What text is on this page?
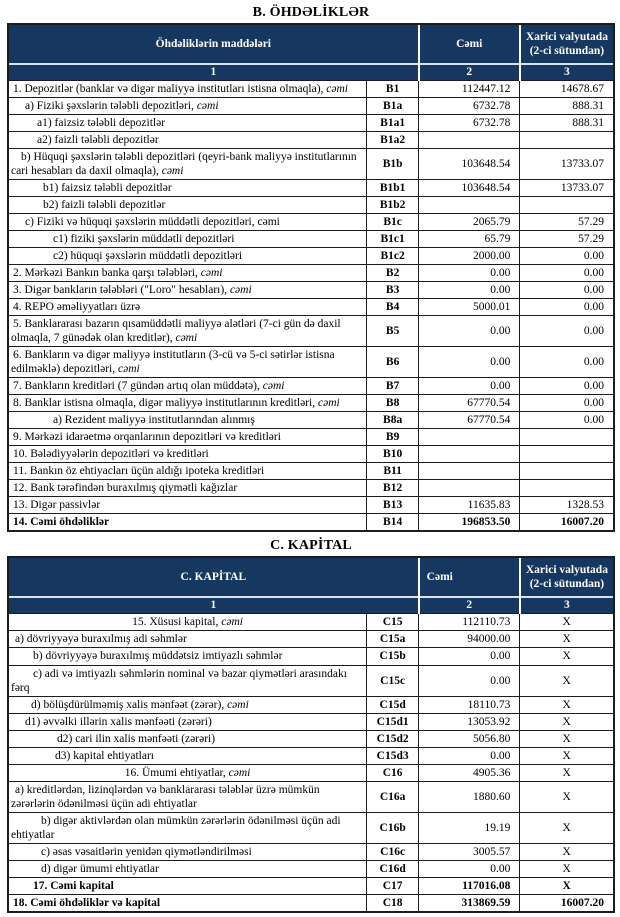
B. ÖHDƏLİKLƏR
Öhdəliklərin maddələri		Cəmi	Xarici valyutada (2-ci sütundan)
1		2	3
1. Depozitlər (banklar və digər maliyyə institutları istisna olmaqla), cəmi	B1	112447.12	14678.67
a) Fiziki şəxslərin tələbli depozitləri, cəmi	B1a	6732.78	888.31
a1) faizsiz tələbli depozitlər	B1a1	6732.78	888.31
a2) faizli tələbli depozitlər	B1a2		
b) Hüquqi şəxslərin tələbli depozitləri (qeyri-bank maliyyə institutlarının cari hesabları da daxil olmaqla), cəmi	B1b	103648.54	13733.07
b1) faizsiz tələbli depozitlər	B1b1	103648.54	13733.07
b2) faizli tələbli depozitlər	B1b2		
c) Fiziki və hüquqi şəxslərin müddətli depozitləri, cəmi	B1c	2065.79	57.29
c1) fiziki şəxslərin müddətli depozitləri	B1c1	65.79	57.29
c2) hüquqi şəxslərin müddətli depozitləri	B1c2	2000.00	0.00
2. Mərkəzi Bankın banka qarşı tələbləri, cəmi	B2	0.00	0.00
3. Digər bankların tələbləri ("Loro" hesabları), cəmi	B3	0.00	0.00
4. REPO əməliyyatları üzrə	B4	5000.01	0.00
5. Banklararası bazarın qısamüddətli maliyyə alətləri (7-ci gün də daxil olmaqla, 7 günədək olan kreditlər), cəmi	B5	0.00	0.00
6. Bankların və digər maliyyə institutların (3-cü və 5-ci sətirlər istisna edilməklə) depozitləri, cəmi	B6	0.00	0.00
7. Bankların kreditləri (7 gündən artıq olan müddətə), cəmi	B7	0.00	0.00
8. Banklar istisna olmaqla, digər maliyyə institutlarının kreditləri, cəmi	B8	67770.54	0.00
a) Rezident maliyyə institutlarından alınmış	B8a	67770.54	0.00
9. Mərkəzi idarəetmə orqanlarının depozitləri və kreditləri	B9		
10. Bələdiyyələrin depozitləri və kreditləri	B10		
11. Bankın öz ehtiyacları üçün aldığı ipoteka kreditləri	B11		
12. Bank tərəfindən buraxılmış qiymətli kağızlar	B12		
13. Digər passivlər	B13	11635.83	1328.53
14. Cəmi öhdəliklər	B14	196853.50	16007.20
C. KAPİTAL
C. KAPİTAL		Cəmi	Xarici valyutada (2-ci sütundan)
1		2	3
15. Xüsusi kapital, cəmi	C15	112110.73	X
a) dövriyyəyə buraxılmış adi səhmlər	C15a	94000.00	X
b) dövriyyəyə buraxılmış müddətsiz imtiyazlı səhmlər	C15b	0.00	X
c) adi və imtiyazlı səhmlərin nominal və bazar qiymətləri arasındakı fərq	C15c	0.00	X
d) bölüşdürülməmiş xalis mənfəət (zərər), cəmi	C15d	18110.73	X
d1) əvvəlki illərin xalis mənfəəti (zərəri)	C15d1	13053.92	X
d2) cari ilin xalis mənfəəti (zərəri)	C15d2	5056.80	X
d3) kapital ehtiyatları	C15d3	0.00	X
16. Ümumi ehtiyatlar, cəmi	C16	4905.36	X
a) kreditlərdən, lizinqlərdən və banklararası tələblər üzrə mümkün zərərlərin ödənilməsi üçün adi ehtiyatlar	C16a	1880.60	X
b) digər aktivlərdən olan mümkün zərərlərin ödənilməsi üçün adi ehtiyatlar	C16b	19.19	X
c) əsas vəsaitlərin yenidən qiymətləndirilməsi	C16c	3005.57	X
d) digər ümumi ehtiyatlar	C16d	0.00	X
17. Cəmi kapital	C17	117016.08	X
18. Cəmi öhdəliklər və kapital	C18	313869.59	16007.20
